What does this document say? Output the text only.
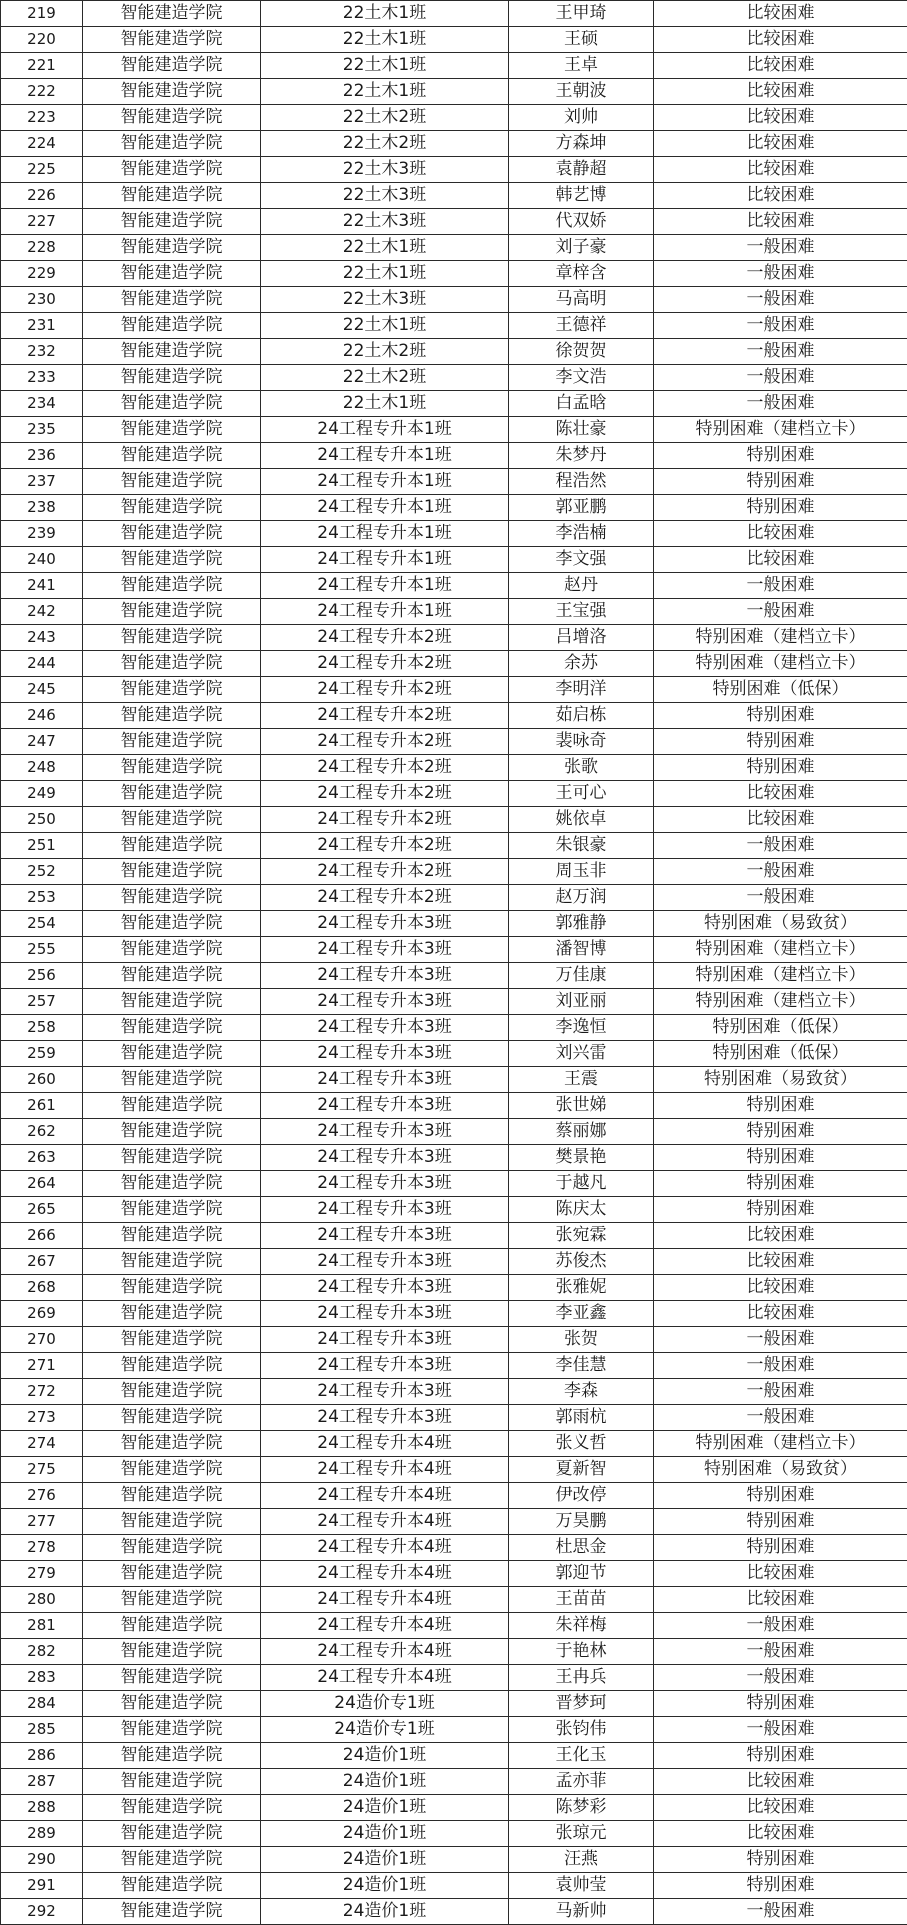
219	智能建造学院	22土木1班	王甲琦	比较困难
220	智能建造学院	22土木1班	王硕	比较困难
221	智能建造学院	22土木1班	王卓	比较困难
222	智能建造学院	22土木1班	王朝波	比较困难
223	智能建造学院	22土木2班	刘帅	比较困难
224	智能建造学院	22土木2班	方森坤	比较困难
225	智能建造学院	22土木3班	袁静超	比较困难
226	智能建造学院	22土木3班	韩艺博	比较困难
227	智能建造学院	22土木3班	代双娇	比较困难
228	智能建造学院	22土木1班	刘子豪	一般困难
229	智能建造学院	22土木1班	章梓含	一般困难
230	智能建造学院	22土木3班	马高明	一般困难
231	智能建造学院	22土木1班	王德祥	一般困难
232	智能建造学院	22土木2班	徐贺贺	一般困难
233	智能建造学院	22土木2班	李文浩	一般困难
234	智能建造学院	22土木1班	白孟晗	一般困难
235	智能建造学院	24工程专升本1班	陈壮豪	特别困难（建档立卡）
236	智能建造学院	24工程专升本1班	朱梦丹	特别困难
237	智能建造学院	24工程专升本1班	程浩然	特别困难
238	智能建造学院	24工程专升本1班	郭亚鹏	特别困难
239	智能建造学院	24工程专升本1班	李浩楠	比较困难
240	智能建造学院	24工程专升本1班	李文强	比较困难
241	智能建造学院	24工程专升本1班	赵丹	一般困难
242	智能建造学院	24工程专升本1班	王宝强	一般困难
243	智能建造学院	24工程专升本2班	吕增洛	特别困难（建档立卡）
244	智能建造学院	24工程专升本2班	余苏	特别困难（建档立卡）
245	智能建造学院	24工程专升本2班	李明洋	特别困难（低保）
246	智能建造学院	24工程专升本2班	茹启栋	特别困难
247	智能建造学院	24工程专升本2班	裴咏奇	特别困难
248	智能建造学院	24工程专升本2班	张歌	特别困难
249	智能建造学院	24工程专升本2班	王可心	比较困难
250	智能建造学院	24工程专升本2班	姚依卓	比较困难
251	智能建造学院	24工程专升本2班	朱银豪	一般困难
252	智能建造学院	24工程专升本2班	周玉非	一般困难
253	智能建造学院	24工程专升本2班	赵万润	一般困难
254	智能建造学院	24工程专升本3班	郭雅静	特别困难（易致贫）
255	智能建造学院	24工程专升本3班	潘智博	特别困难（建档立卡）
256	智能建造学院	24工程专升本3班	万佳康	特别困难（建档立卡）
257	智能建造学院	24工程专升本3班	刘亚丽	特别困难（建档立卡）
258	智能建造学院	24工程专升本3班	李逸恒	特别困难（低保）
259	智能建造学院	24工程专升本3班	刘兴雷	特别困难（低保）
260	智能建造学院	24工程专升本3班	王震	特别困难（易致贫）
261	智能建造学院	24工程专升本3班	张世娣	特别困难
262	智能建造学院	24工程专升本3班	蔡丽娜	特别困难
263	智能建造学院	24工程专升本3班	樊景艳	特别困难
264	智能建造学院	24工程专升本3班	于越凡	特别困难
265	智能建造学院	24工程专升本3班	陈庆太	特别困难
266	智能建造学院	24工程专升本3班	张宛霖	比较困难
267	智能建造学院	24工程专升本3班	苏俊杰	比较困难
268	智能建造学院	24工程专升本3班	张雅妮	比较困难
269	智能建造学院	24工程专升本3班	李亚鑫	比较困难
270	智能建造学院	24工程专升本3班	张贺	一般困难
271	智能建造学院	24工程专升本3班	李佳慧	一般困难
272	智能建造学院	24工程专升本3班	李森	一般困难
273	智能建造学院	24工程专升本3班	郭雨杭	一般困难
274	智能建造学院	24工程专升本4班	张义哲	特别困难（建档立卡）
275	智能建造学院	24工程专升本4班	夏新智	特别困难（易致贫）
276	智能建造学院	24工程专升本4班	伊改停	特别困难
277	智能建造学院	24工程专升本4班	万昊鹏	特别困难
278	智能建造学院	24工程专升本4班	杜思金	特别困难
279	智能建造学院	24工程专升本4班	郭迎节	比较困难
280	智能建造学院	24工程专升本4班	王苗苗	比较困难
281	智能建造学院	24工程专升本4班	朱祥梅	一般困难
282	智能建造学院	24工程专升本4班	于艳林	一般困难
283	智能建造学院	24工程专升本4班	王冉兵	一般困难
284	智能建造学院	24造价专1班	晋梦珂	特别困难
285	智能建造学院	24造价专1班	张钧伟	一般困难
286	智能建造学院	24造价1班	王化玉	特别困难
287	智能建造学院	24造价1班	孟亦菲	比较困难
288	智能建造学院	24造价1班	陈梦彩	比较困难
289	智能建造学院	24造价1班	张琼元	比较困难
290	智能建造学院	24造价1班	汪燕	特别困难
291	智能建造学院	24造价1班	袁帅莹	特别困难
292	智能建造学院	24造价1班	马新帅	一般困难
